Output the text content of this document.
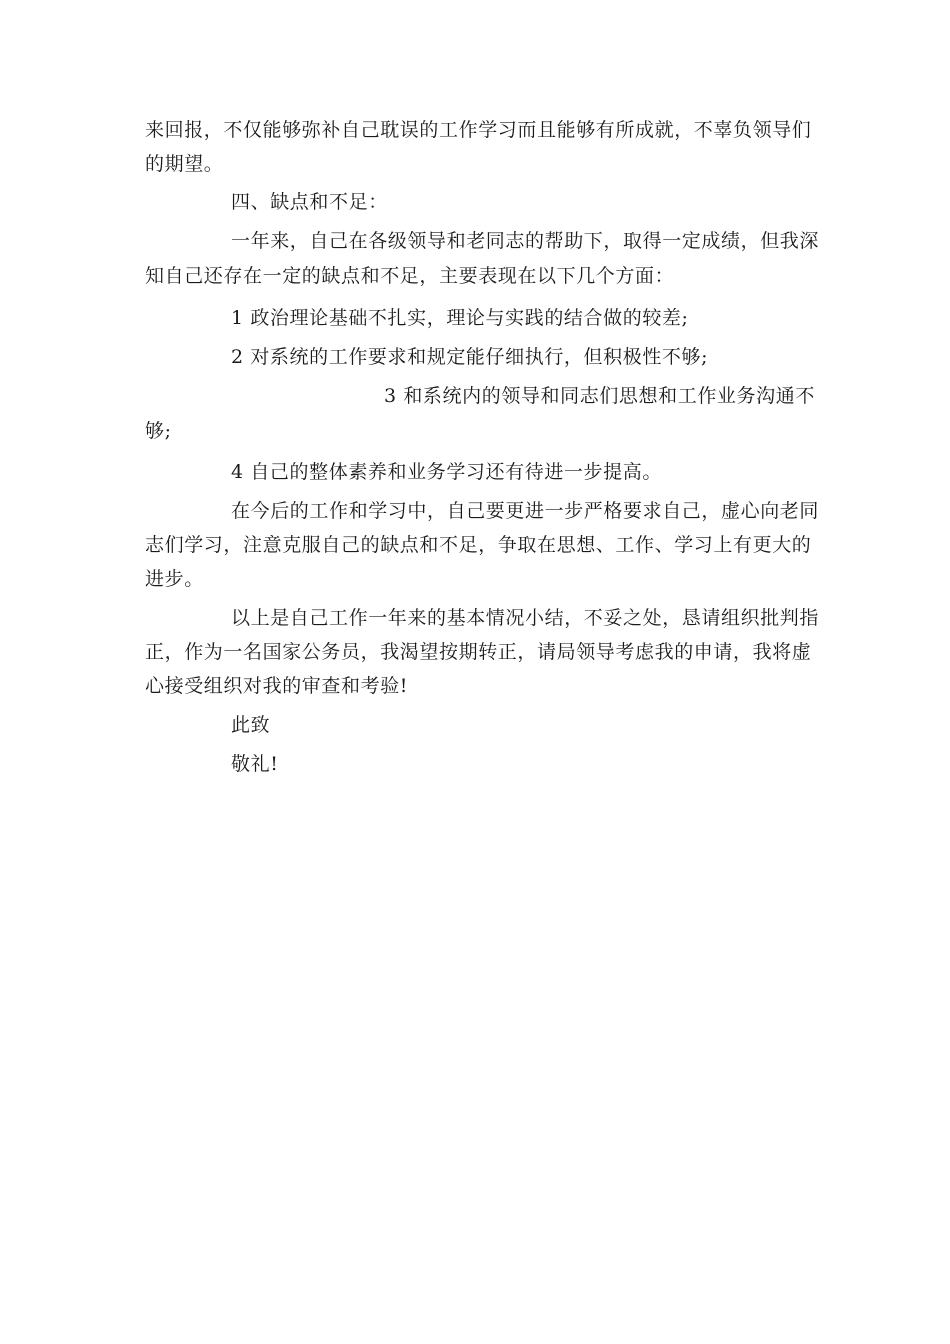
来回报，不仅能够弥补自己耽误的工作学习而且能够有所成就，不辜负领导们
的期望。
四、缺点和不足：
一年来，自己在各级领导和老同志的帮助下，取得一定成绩，但我深
知自己还存在一定的缺点和不足，主要表现在以下几个方面：
1 政治理论基础不扎实，理论与实践的结合做的较差;
2 对系统的工作要求和规定能仔细执行，但积极性不够;
3 和系统内的领导和同志们思想和工作业务沟通不
够;
4 自己的整体素养和业务学习还有待进一步提高。
在今后的工作和学习中，自己要更进一步严格要求自己，虚心向老同
志们学习，注意克服自己的缺点和不足，争取在思想、工作、学习上有更大的
进步。
以上是自己工作一年来的基本情况小结，不妥之处，恳请组织批判指
正，作为一名国家公务员，我渴望按期转正，请局领导考虑我的申请，我将虚
心接受组织对我的审查和考验!
此致
敬礼!
